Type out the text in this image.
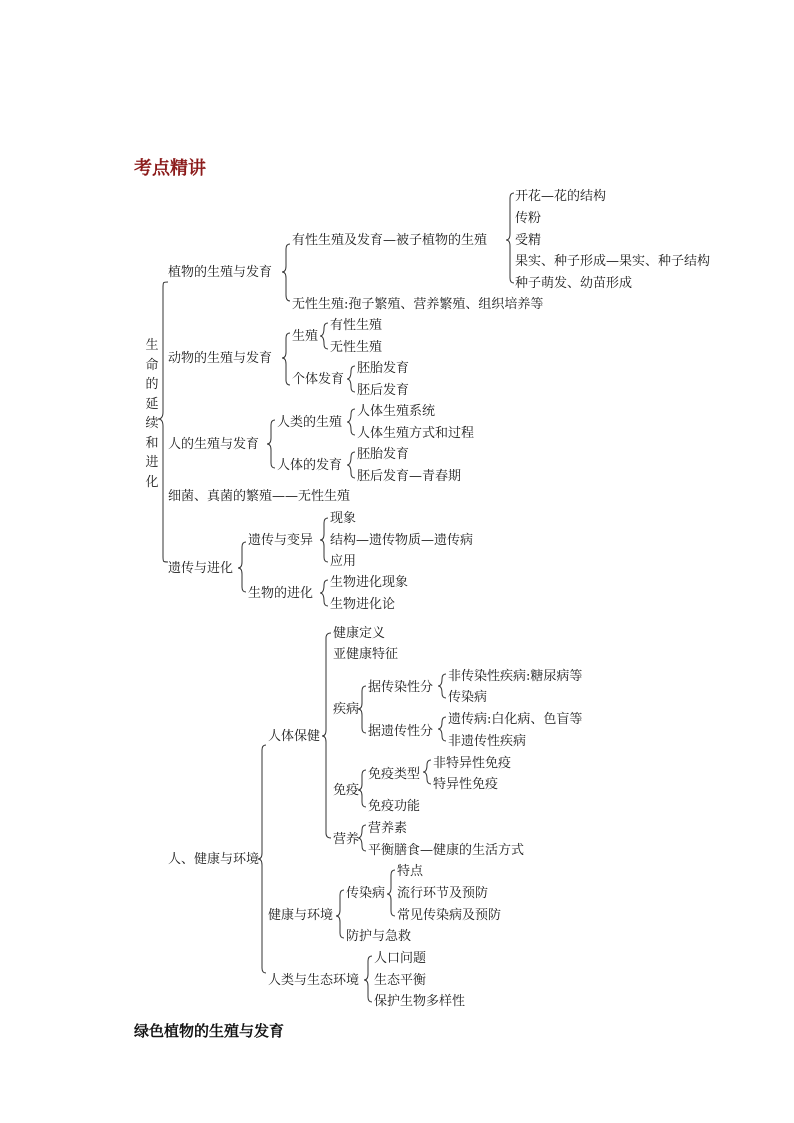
考点精讲
生命的延续和进化
植物的生殖与发育
有性生殖及发育—被子植物的生殖
开花—花的结构
传粉
受精
果实、种子形成—果实、种子结构
种子萌发、幼苗形成
无性生殖:孢子繁殖、营养繁殖、组织培养等
动物的生殖与发育
生殖
有性生殖
无性生殖
个体发育
胚胎发育
胚后发育
人的生殖与发育
人类的生殖
人体生殖系统
人体生殖方式和过程
人体的发育
胚胎发育
胚后发育—青春期
细菌、真菌的繁殖——无性生殖
遗传与进化
遗传与变异
现象
结构—遗传物质—遗传病
应用
生物的进化
生物进化现象
生物进化论
人、健康与环境
人体保健
健康定义
亚健康特征
疾病
据传染性分
非传染性疾病:糖尿病等
传染病
据遗传性分
遗传病:白化病、色盲等
非遗传性疾病
免疫
免疫类型
非特异性免疫
特异性免疫
免疫功能
营养
营养素
平衡膳食—健康的生活方式
健康与环境
传染病
特点
流行环节及预防
常见传染病及预防
防护与急救
人类与生态环境
人口问题
生态平衡
保护生物多样性
绿色植物的生殖与发育
